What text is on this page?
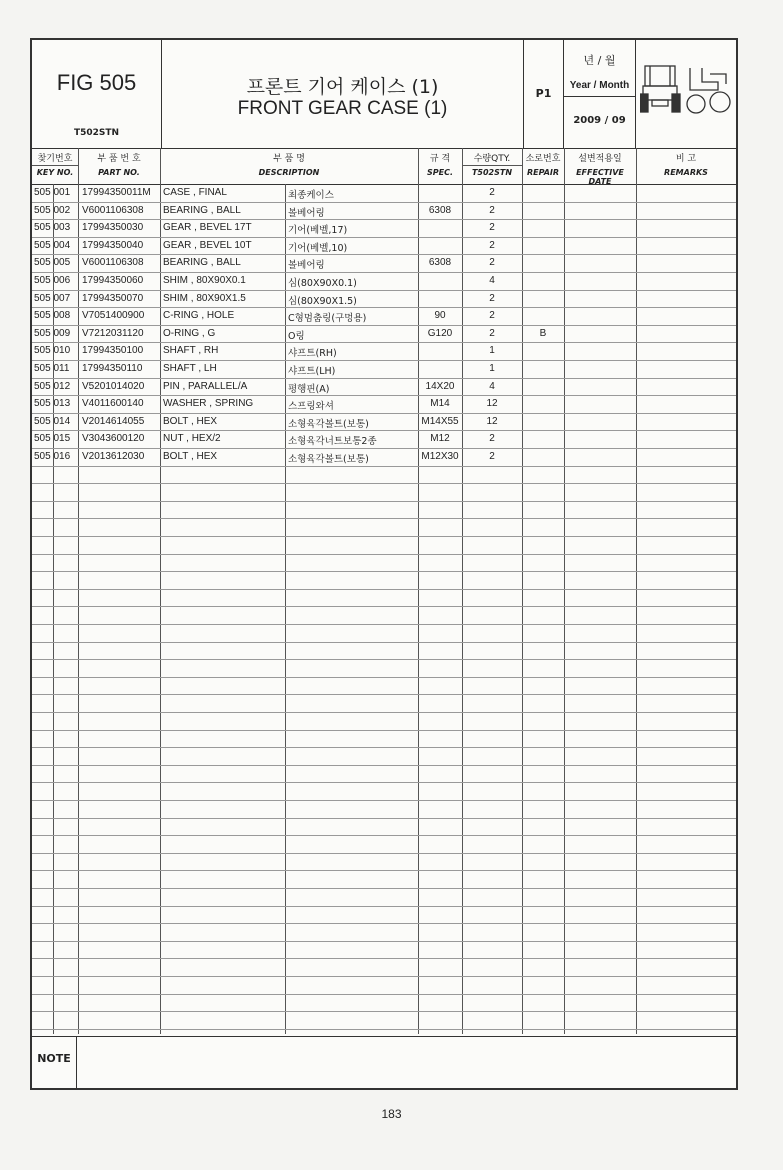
FIG 505
T502STN
프론트 기어 케이스 (1)
FRONT GEAR CASE (1)
P1
년 / 월
Year / Month
2009 / 09
찾기번호
KEY NO.
부 품 번 호
PART NO.
부 품 명
DESCRIPTION
규 격
SPEC.
수량QTY.
T502STN
소로번호
REPAIR
설변적용일
EFFECTIVE DATE
비 고
REMARKS
505 001	17994350011M CASE , FINAL	최종케이스	2
505 002	V6001106308 BEARING , BALL	볼베어링	6308	2
505 003	17994350030 GEAR , BEVEL 17T	기어(베벨,17)	2
505 004	17994350040 GEAR , BEVEL 10T	기어(베벨,10)	2
505 005	V6001106308 BEARING , BALL	볼베어링	6308	2
505 006	17994350060 SHIM , 80X90X0.1	심(80X90X0.1)	4
505 007	17994350070 SHIM , 80X90X1.5	심(80X90X1.5)	2
505 008	V7051400900 C-RING , HOLE	C형멈춤링(구멍용)	90	2
505 009	V7212031120 O-RING , G	O링	G120	2	B
505 010	17994350100 SHAFT , RH	샤프트(RH)	1
505 011	17994350110 SHAFT , LH	샤프트(LH)	1
505 012	V5201014020 PIN , PARALLEL/A	평행핀(A)	14X20	4
505 013	V4011600140 WASHER , SPRING	스프링와셔	M14	12
505 014	V2014614055 BOLT , HEX	소형육각볼트(보통)	M14X55	12
505 015	V3043600120 NUT , HEX/2	소형육각너트보통2종	M12	2
505 016	V2013612030 BOLT , HEX	소형육각볼트(보통)	M12X30	2
NOTE
183
